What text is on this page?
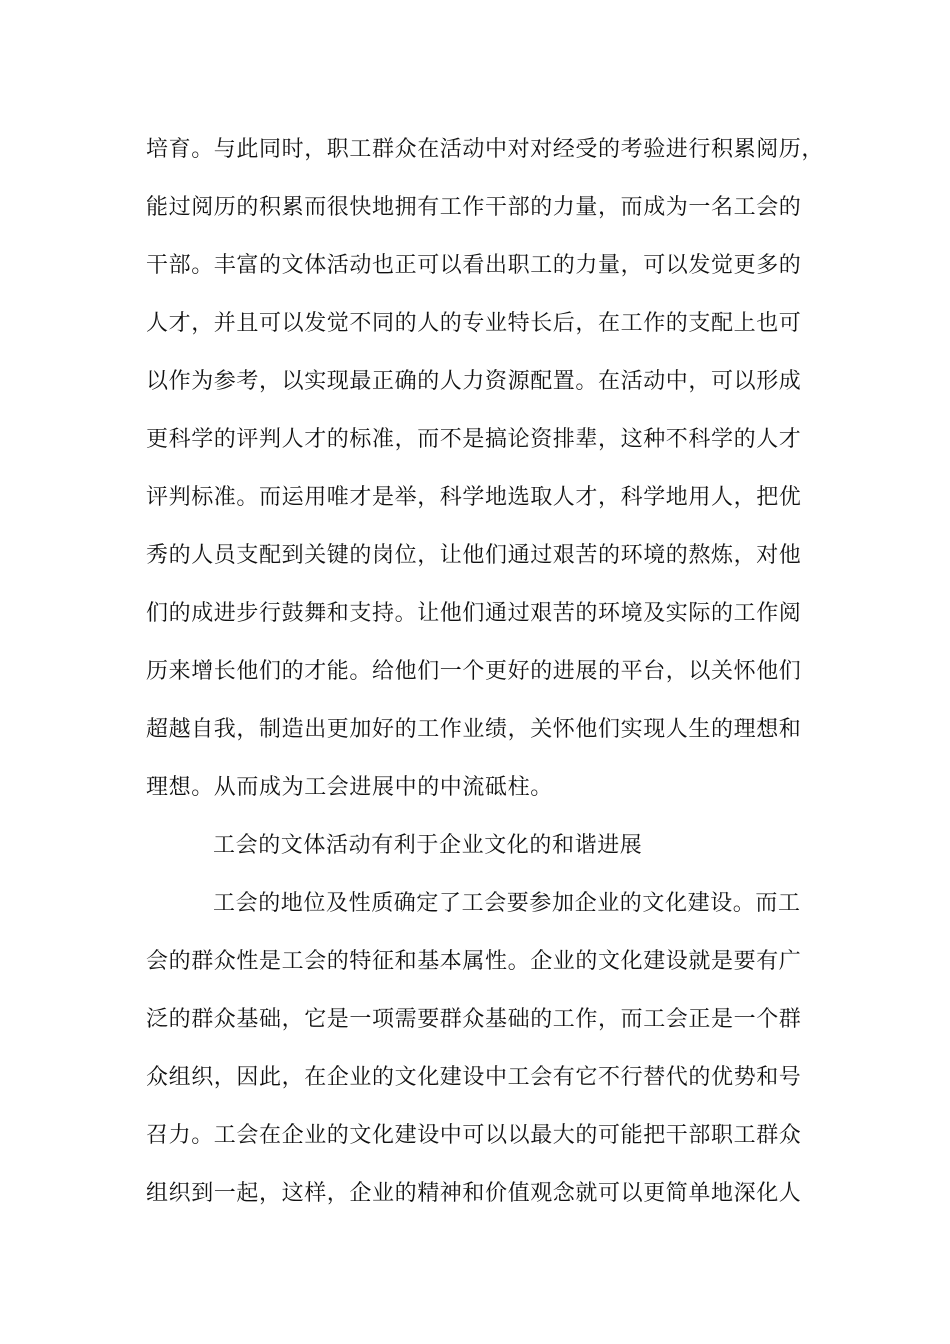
培育。与此同时，职工群众在活动中对对经受的考验进行积累阅历，
能过阅历的积累而很快地拥有工作干部的力量，而成为一名工会的
干部。丰富的文体活动也正可以看出职工的力量，可以发觉更多的
人才，并且可以发觉不同的人的专业特长后，在工作的支配上也可
以作为参考，以实现最正确的人力资源配置。在活动中，可以形成
更科学的评判人才的标准，而不是搞论资排辈，这种不科学的人才
评判标准。而运用唯才是举，科学地选取人才，科学地用人，把优
秀的人员支配到关键的岗位，让他们通过艰苦的环境的熬炼，对他
们的成进步行鼓舞和支持。让他们通过艰苦的环境及实际的工作阅
历来增长他们的才能。给他们一个更好的进展的平台，以关怀他们
超越自我，制造出更加好的工作业绩，关怀他们实现人生的理想和
理想。从而成为工会进展中的中流砥柱。
工会的文体活动有利于企业文化的和谐进展
工会的地位及性质确定了工会要参加企业的文化建设。而工
会的群众性是工会的特征和基本属性。企业的文化建设就是要有广
泛的群众基础，它是一项需要群众基础的工作，而工会正是一个群
众组织，因此，在企业的文化建设中工会有它不行替代的优势和号
召力。工会在企业的文化建设中可以以最大的可能把干部职工群众
组织到一起，这样，企业的精神和价值观念就可以更简单地深化人
